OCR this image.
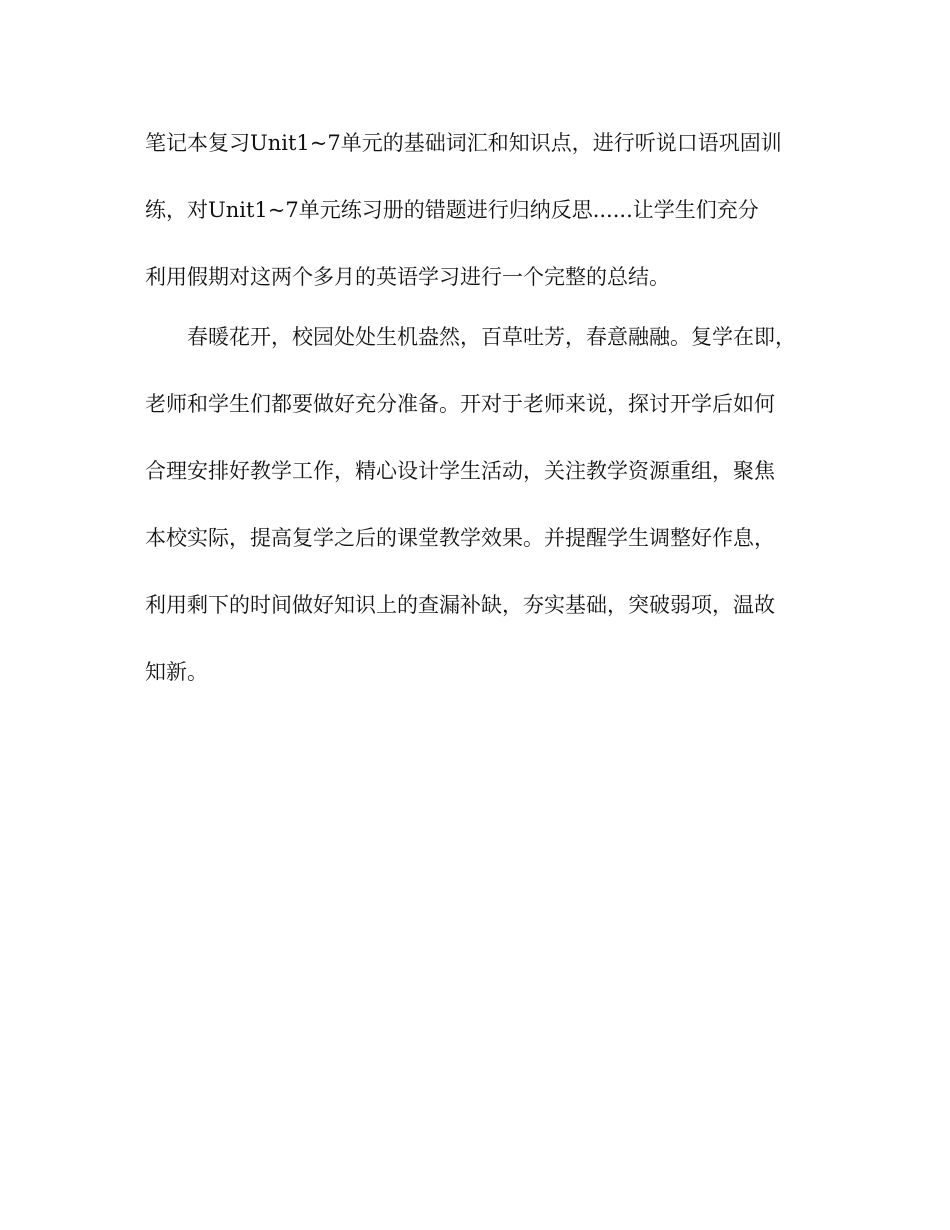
笔记本复习Unit1~7单元的基础词汇和知识点，进行听说口语巩固训
练，对Unit1~7单元练习册的错题进行归纳反思......让学生们充分
利用假期对这两个多月的英语学习进行一个完整的总结。
春暖花开，校园处处生机盎然，百草吐芳，春意融融。复学在即，
老师和学生们都要做好充分准备。开对于老师来说，探讨开学后如何
合理安排好教学工作，精心设计学生活动，关注教学资源重组，聚焦
本校实际，提高复学之后的课堂教学效果。并提醒学生调整好作息，
利用剩下的时间做好知识上的查漏补缺，夯实基础，突破弱项，温故
知新。
